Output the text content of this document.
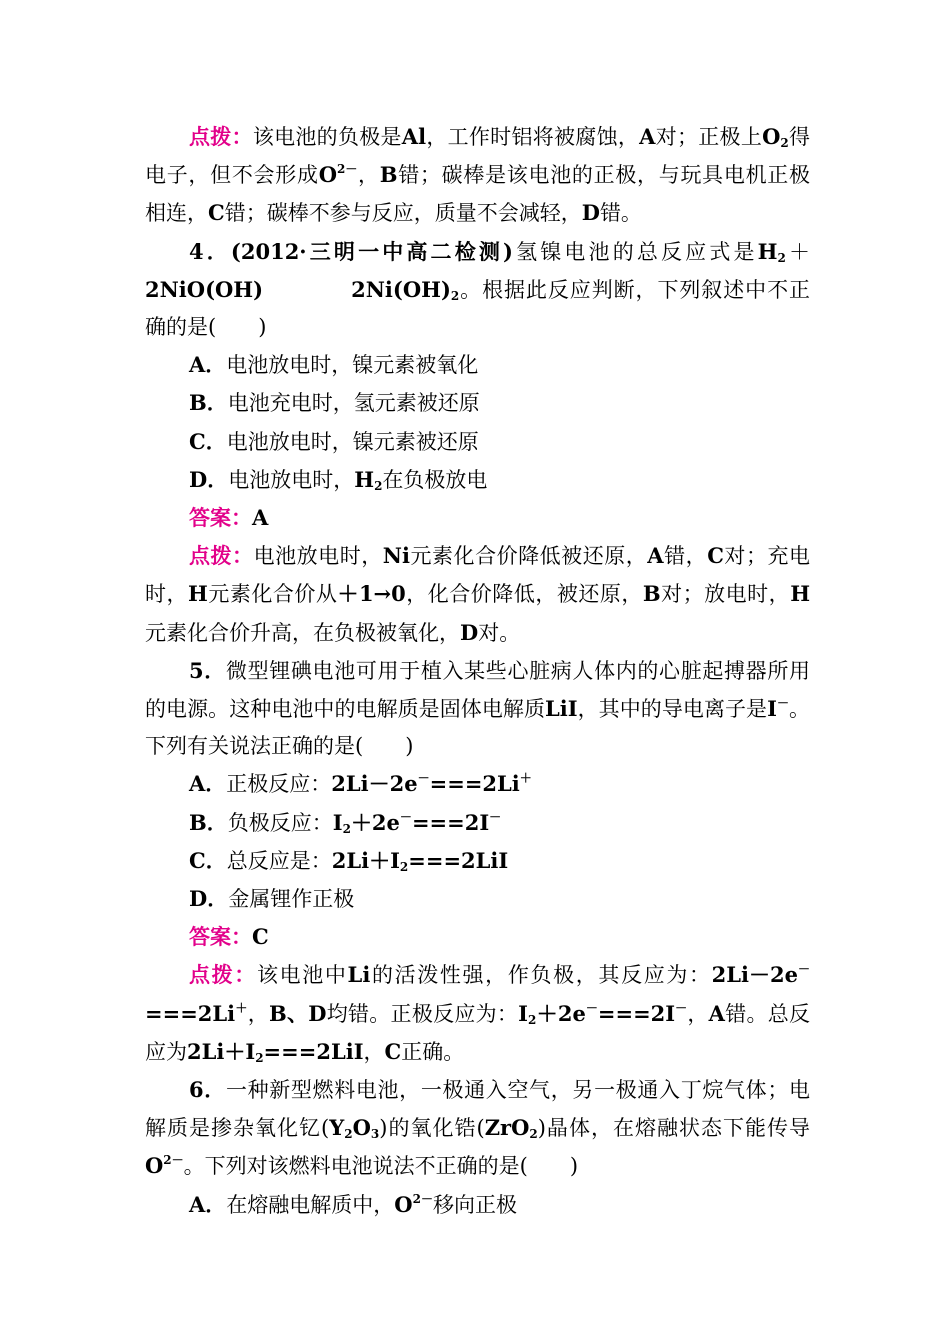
点拨：该电池的负极是Al，工作时铝将被腐蚀，A对；正极上$O_2$得电子，但不会形成$O^{2-}$，B错；碳棒是该电池的正极，与玩具电机正极相连，C错；碳棒不参与反应，质量不会减轻，D错。

4．(2012·三明一中高二检测)氢镍电池的总反应式是$H_2+2NiO(OH)$	$2Ni(OH)_2$。根据此反应判断，下列叙述中不正确的是(　　)

A．电池放电时，镍元素被氧化

B．电池充电时，氢元素被还原

C．电池放电时，镍元素被还原

D．电池放电时，$H_2$在负极放电

答案：A

点拨：电池放电时，Ni元素化合价降低被还原，A错，C对；充电时，H元素化合价从＋1→0，化合价降低，被还原，B对；放电时，H元素化合价升高，在负极被氧化，D对。

5．微型锂碘电池可用于植入某些心脏病人体内的心脏起搏器所用的电源。这种电池中的电解质是固体电解质LiI，其中的导电离子是I－。下列有关说法正确的是(　　)

A．正极反应：2Li－2e－===2Li＋

B．负极反应：$I_2+2e^-===2I^-$

C．总反应是：$2Li+I_2===2LiI$

D．金属锂作正极

答案：C

点拨：该电池中Li的活泼性强，作负极，其反应为：2Li－2e－===2Li＋，B、D均错。正极反应为：$I_2+2e^-===2I^-$，A错。总反应为$2Li+I_2===2LiI$，C正确。

6．一种新型燃料电池，一极通入空气，另一极通入丁烷气体；电解质是掺杂氧化钇$(Y_2O_3)$的氧化锆(ZrO$_2$)晶体，在熔融状态下能传导$O^{2-}$。下列对该燃料电池说法不正确的是(　　)

A．在熔融电解质中，$O^{2-}$移向正极
